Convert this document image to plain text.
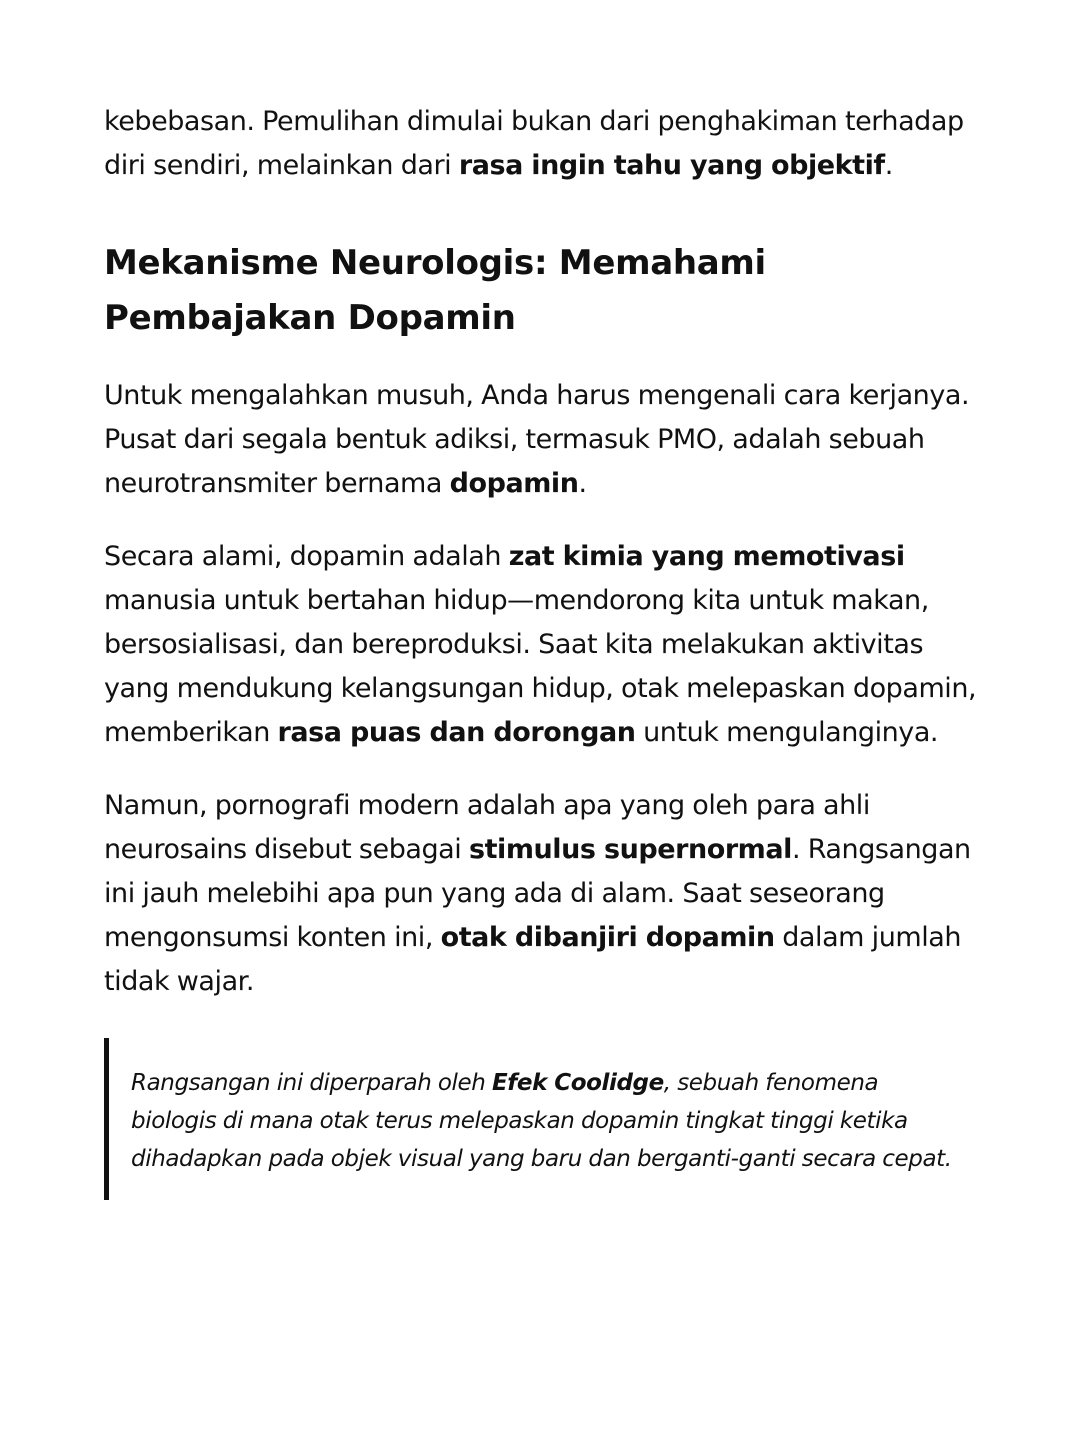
kebebasan. Pemulihan dimulai bukan dari penghakiman terhadap diri sendiri, melainkan dari rasa ingin tahu yang objektif.

Mekanisme Neurologis: Memahami Pembajakan Dopamin

Untuk mengalahkan musuh, Anda harus mengenali cara kerjanya. Pusat dari segala bentuk adiksi, termasuk PMO, adalah sebuah neurotransmiter bernama dopamin.

Secara alami, dopamin adalah zat kimia yang memotivasi manusia untuk bertahan hidup—mendorong kita untuk makan, bersosialisasi, dan bereproduksi. Saat kita melakukan aktivitas yang mendukung kelangsungan hidup, otak melepaskan dopamin, memberikan rasa puas dan dorongan untuk mengulanginya.

Namun, pornografi modern adalah apa yang oleh para ahli neurosains disebut sebagai stimulus supernormal. Rangsangan ini jauh melebihi apa pun yang ada di alam. Saat seseorang mengonsumsi konten ini, otak dibanjiri dopamin dalam jumlah tidak wajar.

Rangsangan ini diperparah oleh Efek Coolidge, sebuah fenomena biologis di mana otak terus melepaskan dopamin tingkat tinggi ketika dihadapkan pada objek visual yang baru dan berganti-ganti secara cepat.
